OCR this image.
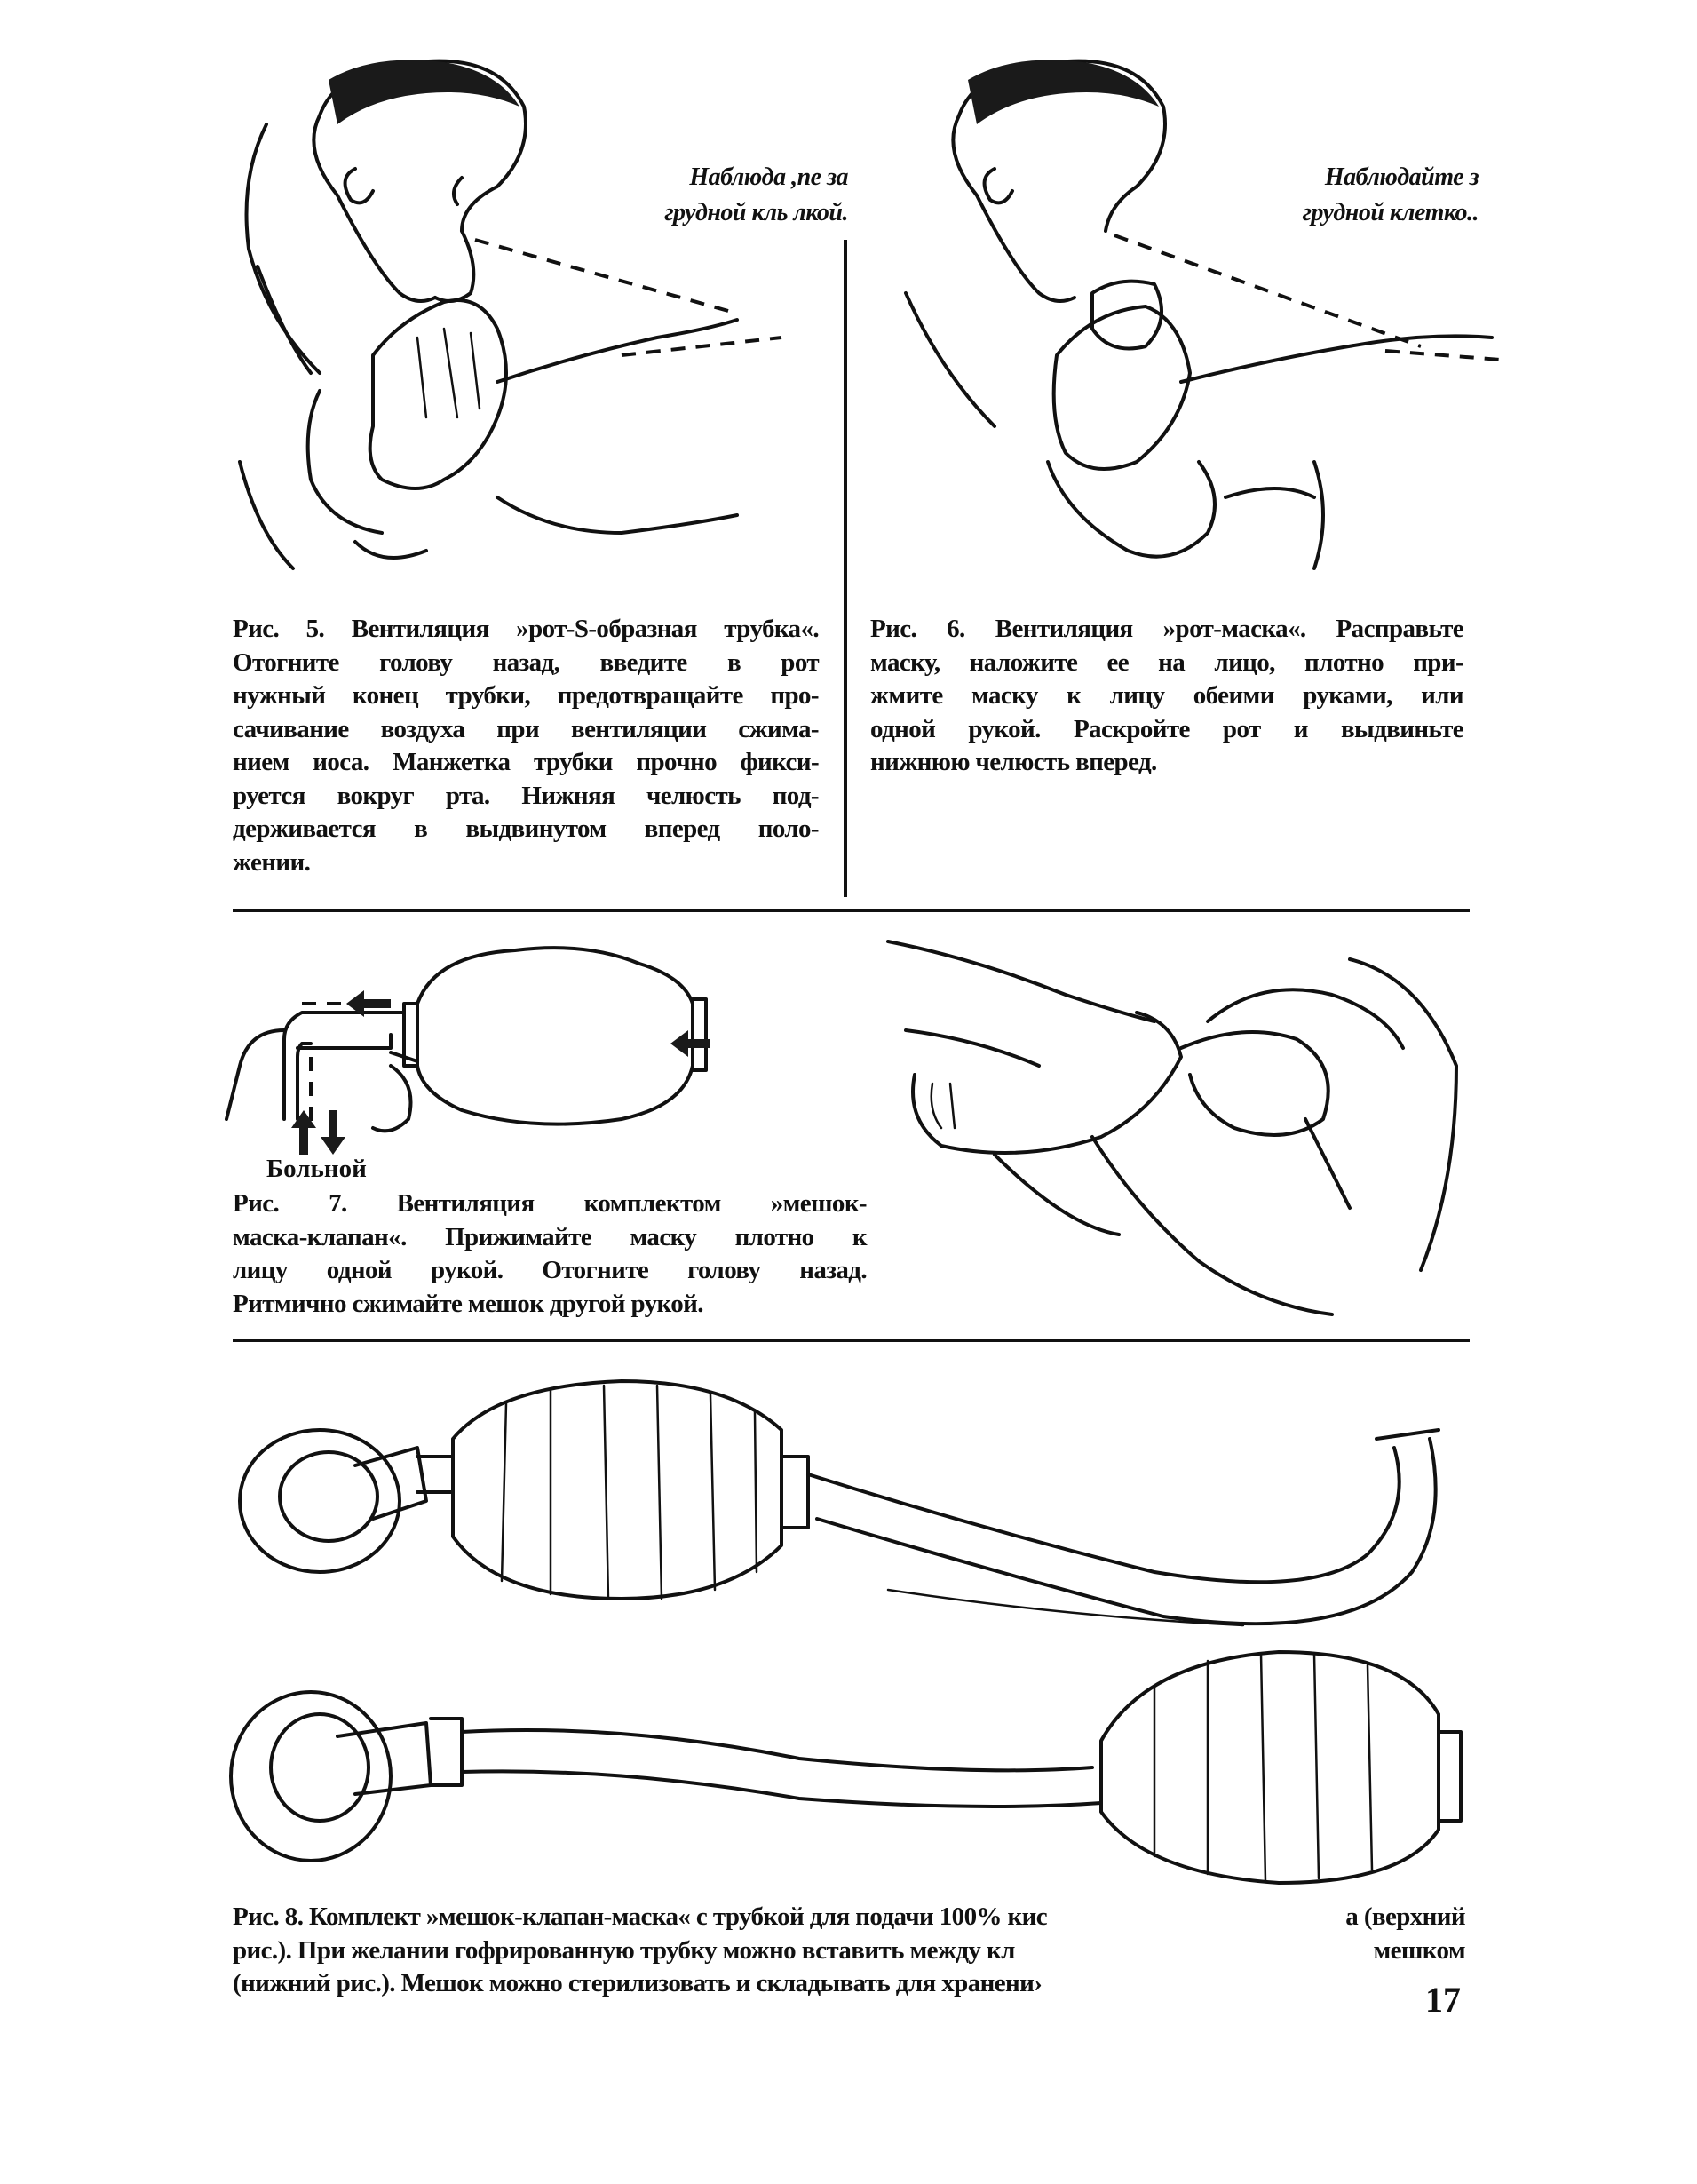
Наблюда ,пе за
грудной кль лкой.
Наблюдайте з
грудной клетко..
Рис. 5. Вентиляция »рот-S-образная трубка«.
Отогните голову назад, введите в рот
нужный конец трубки, предотвращайте про-
сачивание воздуха при вентиляции сжима-
нием иоса. Манжетка трубки прочно фикси-
руется вокруг рта. Нижняя челюсть под-
держивается в выдвинутом вперед поло-
жении.
Рис. 6. Вентиляция »рот-маска«. Расправьте
маску, наложите ее на лицо, плотно при-
жмите маску к лицу обеими руками, или
одной рукой. Раскройте рот и выдвиньте
нижнюю челюсть вперед.
Больной
Рис. 7. Вентиляция комплектом »мешок-
маска-клапан«. Прижимайте маску плотно к
лицу одной рукой. Отогните голову назад.
Ритмично сжимайте мешок другой рукой.
Рис. 8. Комплект »мешок-клапан-маска« с трубкой для подачи 100% кис
рис.). При желании гофрированную трубку можно вставить между кл
(нижний рис.). Мешок можно стерилизовать и складывать для хранени›
а (верхний
мешком
17
